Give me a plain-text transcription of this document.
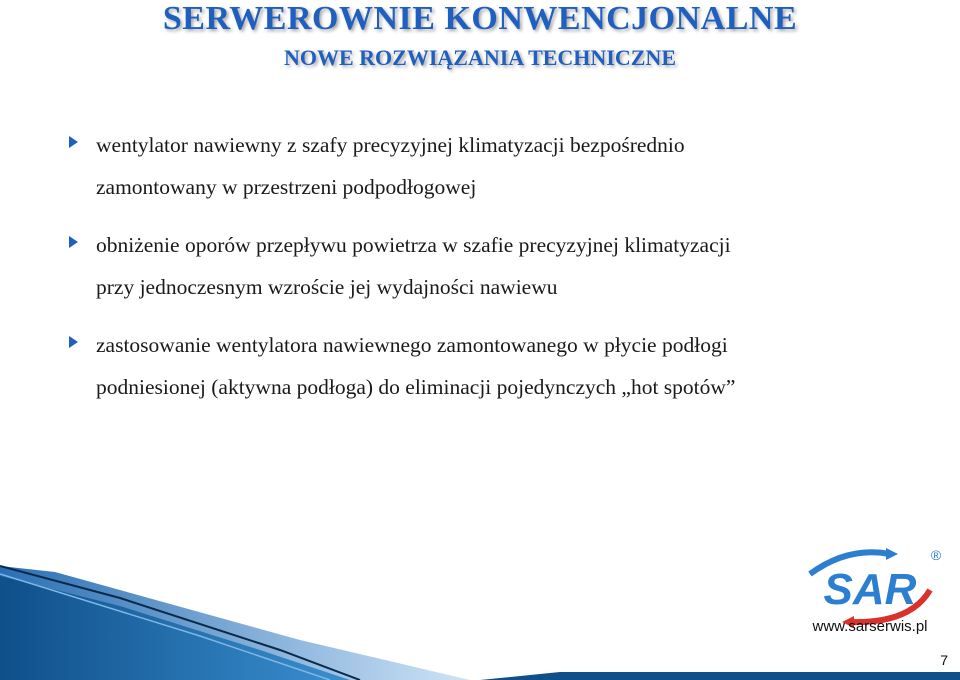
SERWEROWNIE KONWENCJONALNE
NOWE ROZWIĄZANIA TECHNICZNE
wentylator nawiewny z szafy precyzyjnej klimatyzacji bezpośrednio
zamontowany w przestrzeni podpodłogowej
obniżenie oporów przepływu powietrza w szafie precyzyjnej klimatyzacji
przy jednoczesnym wzroście jej wydajności nawiewu
zastosowanie wentylatora nawiewnego zamontowanego w płycie podłogi
podniesionej (aktywna podłoga) do eliminacji pojedynczych „hot spotów”
SAR
®
www.sarserwis.pl
7
